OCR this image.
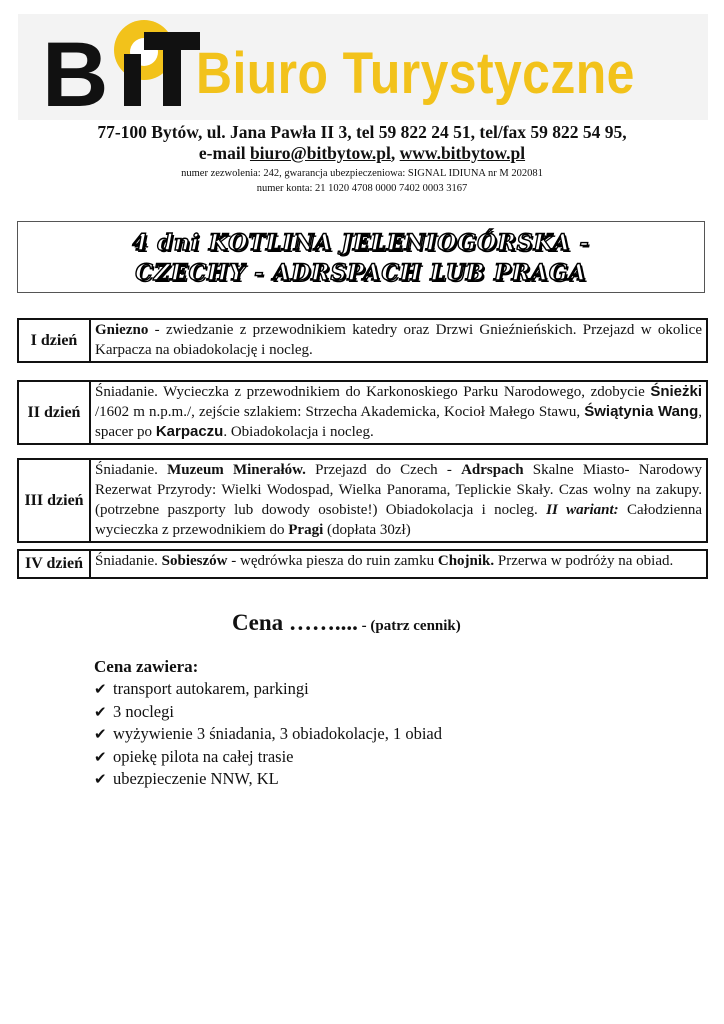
B Biuro Turystyczne
77-100 Bytów, ul. Jana Pawła II 3, tel 59 822 24 51, tel/fax 59 822 54 95,
e-mail biuro@bitbytow.pl, www.bitbytow.pl
numer zezwolenia: 242, gwarancja ubezpieczeniowa: SIGNAL IDIUNA nr M 202081
numer konta: 21 1020 4708 0000 7402 0003 3167
4 dni KOTLINA JELENIOGÓRSKA -
CZECHY - ADRSPACH LUB PRAGA
I dzień	Gniezno - zwiedzanie z przewodnikiem katedry oraz Drzwi Gnieźnieńskich. Przejazd w okolice Karpacza na obiadokolację i nocleg.
II dzień	Śniadanie. Wycieczka z przewodnikiem do Karkonoskiego Parku Narodowego, zdobycie Śnieżki /1602 m n.p.m./, zejście szlakiem: Strzecha Akademicka, Kocioł Małego Stawu, Świątynia Wang, spacer po Karpaczu. Obiadokolacja i nocleg.
III dzień	Śniadanie. Muzeum Minerałów. Przejazd do Czech - Adrspach Skalne Miasto- Narodowy Rezerwat Przyrody: Wielki Wodospad, Wielka Panorama, Teplickie Skały. Czas wolny na zakupy. (potrzebne paszporty lub dowody osobiste!) Obiadokolacja i nocleg. II wariant: Całodzienna wycieczka z przewodnikiem do Pragi (dopłata 30zł)
IV dzień	Śniadanie. Sobieszów - wędrówka piesza do ruin zamku Chojnik. Przerwa w podróży na obiad.
Cena …….... - (patrz cennik)
Cena zawiera:
✔ transport autokarem, parkingi
✔ 3 noclegi
✔ wyżywienie 3 śniadania, 3 obiadokolacje, 1 obiad
✔ opiekę pilota na całej trasie
✔ ubezpieczenie NNW, KL
